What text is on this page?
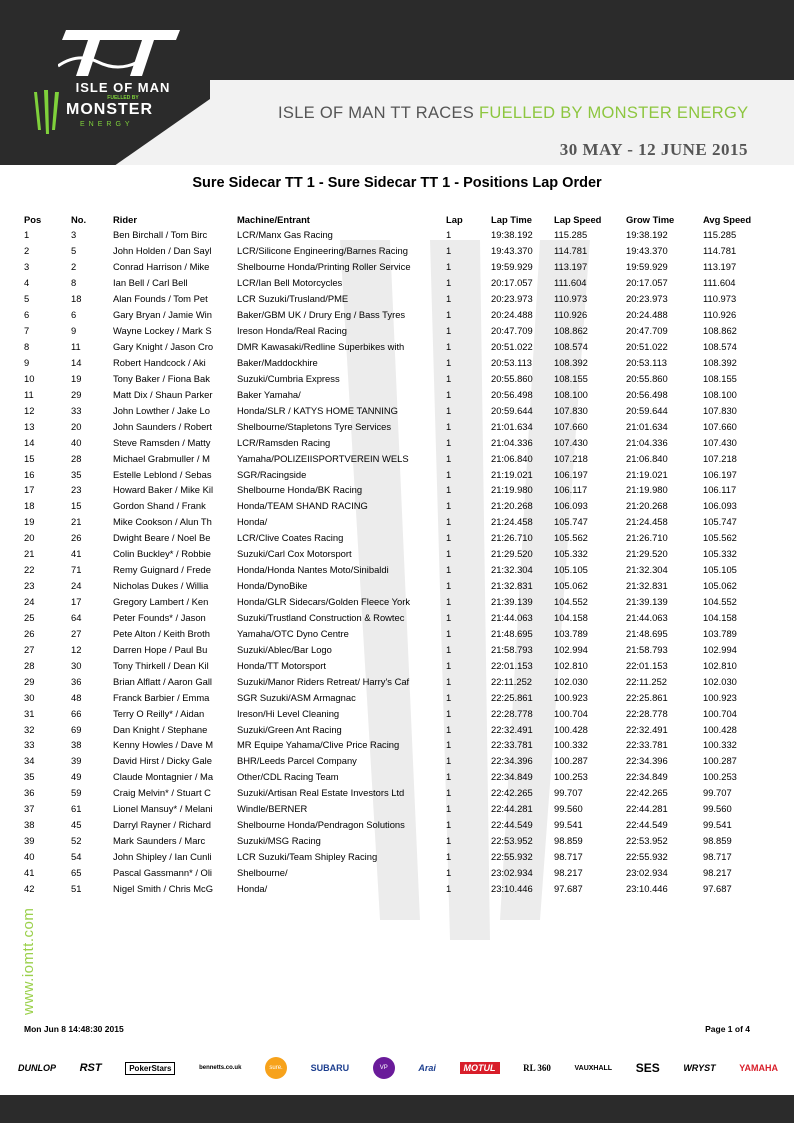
ISLE OF MAN
FUELLED BY
MONSTER
ENERGY
ISLE OF MAN TT RACES FUELLED BY MONSTER ENERGY
30 MAY - 12 JUNE 2015
www.iomtt.com
Sure Sidecar TT 1 - Sure Sidecar TT 1 - Positions Lap Order
Pos	No.	Rider	Machine/Entrant	Lap	Lap Time	Lap Speed	Grow Time	Avg Speed
1	3	Ben Birchall / Tom Birc	LCR/Manx Gas Racing	1	19:38.192	115.285	19:38.192	115.285
2	5	John Holden / Dan Sayl	LCR/Silicone Engineering/Barnes Racing	1	19:43.370	114.781	19:43.370	114.781
3	2	Conrad Harrison / Mike	Shelbourne Honda/Printing Roller Service	1	19:59.929	113.197	19:59.929	113.197
4	8	Ian Bell / Carl Bell	LCR/Ian Bell Motorcycles	1	20:17.057	111.604	20:17.057	111.604
5	18	Alan Founds / Tom Pet	LCR Suzuki/Trusland/PME	1	20:23.973	110.973	20:23.973	110.973
6	6	Gary Bryan / Jamie Win	Baker/GBM UK / Drury Eng / Bass Tyres	1	20:24.488	110.926	20:24.488	110.926
7	9	Wayne Lockey / Mark S	Ireson Honda/Real Racing	1	20:47.709	108.862	20:47.709	108.862
8	11	Gary Knight / Jason Cro	DMR Kawasaki/Redline Superbikes with	1	20:51.022	108.574	20:51.022	108.574
9	14	Robert Handcock / Aki	Baker/Maddockhire	1	20:53.113	108.392	20:53.113	108.392
10	19	Tony Baker / Fiona Bak	Suzuki/Cumbria Express	1	20:55.860	108.155	20:55.860	108.155
11	29	Matt Dix / Shaun Parker	Baker Yamaha/	1	20:56.498	108.100	20:56.498	108.100
12	33	John Lowther / Jake Lo	Honda/SLR / KATYS HOME TANNING	1	20:59.644	107.830	20:59.644	107.830
13	20	John Saunders / Robert	Shelbourne/Stapletons Tyre Services	1	21:01.634	107.660	21:01.634	107.660
14	40	Steve Ramsden / Matty	LCR/Ramsden Racing	1	21:04.336	107.430	21:04.336	107.430
15	28	Michael Grabmuller / M	Yamaha/POLIZEIISPORTVEREIN WELS	1	21:06.840	107.218	21:06.840	107.218
16	35	Estelle Leblond / Sebas	SGR/Racingside	1	21:19.021	106.197	21:19.021	106.197
17	23	Howard Baker / Mike Kil	Shelbourne Honda/BK Racing	1	21:19.980	106.117	21:19.980	106.117
18	15	Gordon Shand / Frank	Honda/TEAM SHAND RACING	1	21:20.268	106.093	21:20.268	106.093
19	21	Mike Cookson / Alun Th	Honda/	1	21:24.458	105.747	21:24.458	105.747
20	26	Dwight Beare / Noel Be	LCR/Clive Coates Racing	1	21:26.710	105.562	21:26.710	105.562
21	41	Colin Buckley* / Robbie	Suzuki/Carl Cox Motorsport	1	21:29.520	105.332	21:29.520	105.332
22	71	Remy Guignard / Frede	Honda/Honda Nantes Moto/Sinibaldi	1	21:32.304	105.105	21:32.304	105.105
23	24	Nicholas Dukes / Willia	Honda/DynoBike	1	21:32.831	105.062	21:32.831	105.062
24	17	Gregory Lambert / Ken	Honda/GLR Sidecars/Golden Fleece York	1	21:39.139	104.552	21:39.139	104.552
25	64	Peter Founds* / Jason	Suzuki/Trustland Construction & Rowtec	1	21:44.063	104.158	21:44.063	104.158
26	27	Pete Alton / Keith Broth	Yamaha/OTC Dyno Centre	1	21:48.695	103.789	21:48.695	103.789
27	12	Darren Hope / Paul Bu	Suzuki/Ablec/Bar Logo	1	21:58.793	102.994	21:58.793	102.994
28	30	Tony Thirkell / Dean Kil	Honda/TT Motorsport	1	22:01.153	102.810	22:01.153	102.810
29	36	Brian Alflatt / Aaron Gall	Suzuki/Manor Riders Retreat/ Harry's Caf	1	22:11.252	102.030	22:11.252	102.030
30	48	Franck Barbier / Emma	SGR Suzuki/ASM Armagnac	1	22:25.861	100.923	22:25.861	100.923
31	66	Terry O Reilly* / Aidan	Ireson/Hi Level Cleaning	1	22:28.778	100.704	22:28.778	100.704
32	69	Dan Knight / Stephane	Suzuki/Green Ant Racing	1	22:32.491	100.428	22:32.491	100.428
33	38	Kenny Howles / Dave M	MR Equipe Yahama/Clive Price Racing	1	22:33.781	100.332	22:33.781	100.332
34	39	David Hirst / Dicky Gale	BHR/Leeds Parcel Company	1	22:34.396	100.287	22:34.396	100.287
35	49	Claude Montagnier / Ma	Other/CDL Racing Team	1	22:34.849	100.253	22:34.849	100.253
36	59	Craig Melvin* / Stuart C	Suzuki/Artisan Real Estate Investors Ltd	1	22:42.265	99.707	22:42.265	99.707
37	61	Lionel Mansuy* / Melani	Windle/BERNER	1	22:44.281	99.560	22:44.281	99.560
38	45	Darryl Rayner / Richard	Shelbourne Honda/Pendragon Solutions	1	22:44.549	99.541	22:44.549	99.541
39	52	Mark Saunders / Marc	Suzuki/MSG Racing	1	22:53.952	98.859	22:53.952	98.859
40	54	John Shipley / Ian Cunli	LCR Suzuki/Team Shipley Racing	1	22:55.932	98.717	22:55.932	98.717
41	65	Pascal Gassmann* / Oli	Shelbourne/	1	23:02.934	98.217	23:02.934	98.217
42	51	Nigel Smith / Chris McG	Honda/	1	23:10.446	97.687	23:10.446	97.687
Mon Jun 8 14:48:30 2015	Page 1 of 4
DUNLOP RST	PokerStars	bennetts.co.uk	sure.	SUBARU	VP	Arai	MOTUL	RL 360	VAUXHALL SES	WRYST	YAMAHA
